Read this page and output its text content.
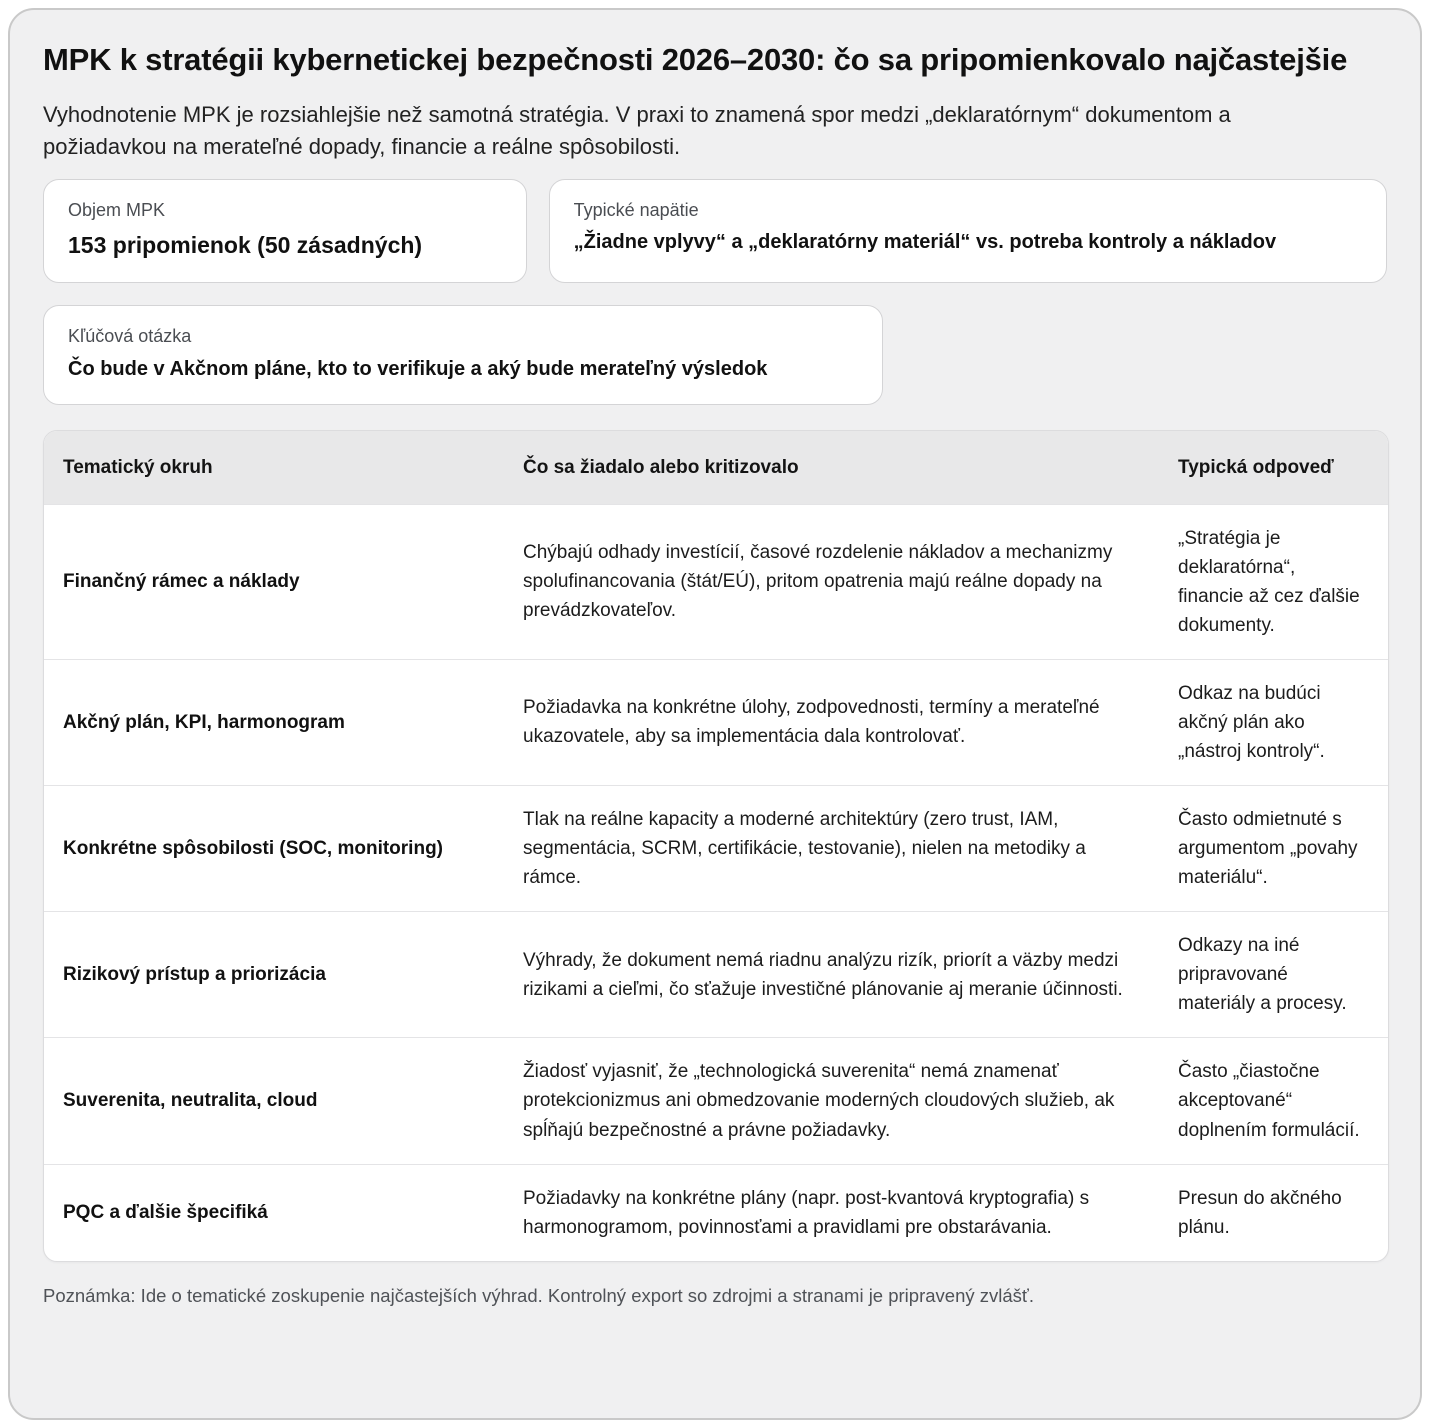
MPK k stratégii kybernetickej bezpečnosti 2026–2030: čo sa pripomienkovalo najčastejšie

Vyhodnotenie MPK je rozsiahlejšie než samotná stratégia. V praxi to znamená spor medzi „deklaratórnym“ dokumentom a požiadavkou na merateľné dopady, financie a reálne spôsobilosti.

Objem MPK
153 pripomienok (50 zásadných)
Typické napätie
„Žiadne vplyvy“ a „deklaratórny materiál“ vs. potreba kontroly a nákladov
Kľúčová otázka
Čo bude v Akčnom pláne, kto to verifikuje a aký bude merateľný výsledok
Tematický okruh	Čo sa žiadalo alebo kritizovalo	Typická odpoveď
Finančný rámec a náklady
Chýbajú odhady investícií, časové rozdelenie nákladov a mechanizmy spolufinancovania (štát/EÚ), pritom opatrenia majú reálne dopady na prevádzkovateľov.
„Stratégia je deklaratórna“, financie až cez ďalšie dokumenty.
Akčný plán, KPI, harmonogram
Požiadavka na konkrétne úlohy, zodpovednosti, termíny a merateľné ukazovatele, aby sa implementácia dala kontrolovať.
Odkaz na budúci akčný plán ako „nástroj kontroly“.
Konkrétne spôsobilosti (SOC, monitoring)
Tlak na reálne kapacity a moderné architektúry (zero trust, IAM, segmentácia, SCRM, certifikácie, testovanie), nielen na metodiky a rámce.
Často odmietnuté s argumentom „povahy materiálu“.
Rizikový prístup a priorizácia
Výhrady, že dokument nemá riadnu analýzu rizík, priorít a väzby medzi rizikami a cieľmi, čo sťažuje investičné plánovanie aj meranie účinnosti.
Odkazy na iné pripravované materiály a procesy.
Suverenita, neutralita, cloud
Žiadosť vyjasniť, že „technologická suverenita“ nemá znamenať protekcionizmus ani obmedzovanie moderných cloudových služieb, ak spĺňajú bezpečnostné a právne požiadavky.
Často „čiastočne akceptované“ doplnením formulácií.
PQC a ďalšie špecifiká
Požiadavky na konkrétne plány (napr. post-kvantová kryptografia) s harmonogramom, povinnosťami a pravidlami pre obstarávania.
Presun do akčného plánu.

Poznámka: Ide o tematické zoskupenie najčastejších výhrad. Kontrolný export so zdrojmi a stranami je pripravený zvlášť.
